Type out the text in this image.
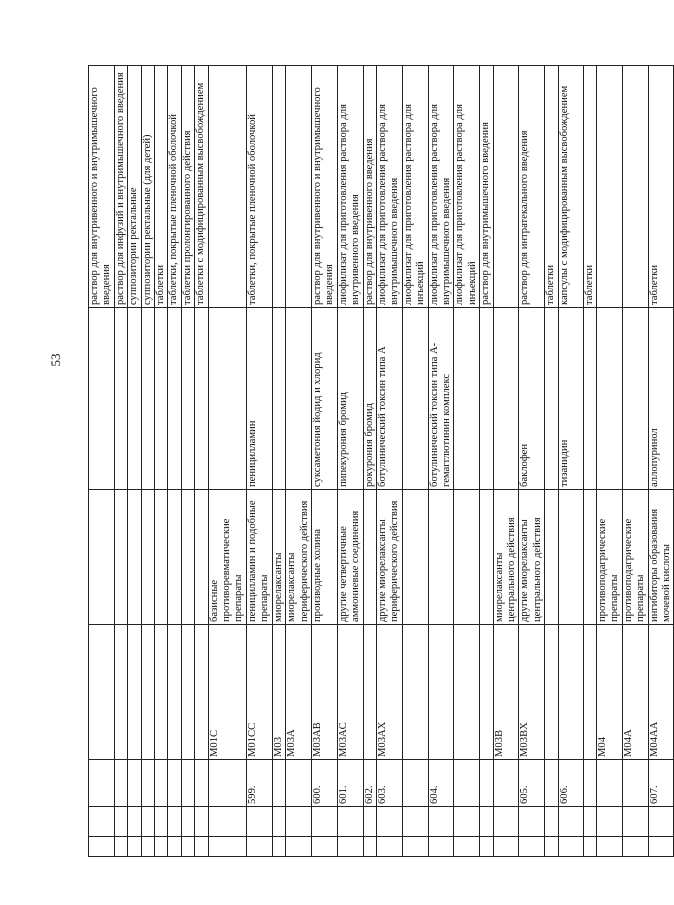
53
						раствор для внутривенного и внутримышечного введения
						раствор для инфузий и внутримышечного введения
						суппозитории ректальные
						суппозитории ректальные (для детей)
						таблетки
						таблетки, покрытые пленочной оболочкой
						таблетки пролонгированного действия
						таблетки с модифицированным высвобождением
			M01C	базисные противоревматические препараты		
		599.	M01CC	пеницилламин и подобные препараты	пеницилламин	таблетки, покрытые пленочной оболочкой
			M03	миорелаксанты		
			M03A	миорелаксанты периферического действия		
		600.	M03AB	производные холина	суксаметония йодид и хлорид	раствор для внутривенного и внутримышечного введения
		601.	M03AC	другие четвертичные аммониевые соединения	пипекурония бромид	лиофилизат для приготовления раствора для внутривенного введения
		602.			рокурония бромид	раствор для внутривенного введения
		603.	M03AX	другие миорелаксанты периферического действия	ботулинический токсин типа А	лиофилизат для приготовления раствора для внутримышечного введения
						лиофилизат для приготовления раствора для инъекций
		604.			ботулинический токсин типа A-гемагглютинин комплекс	лиофилизат для приготовления раствора для внутримышечного введения
						лиофилизат для приготовления раствора для инъекций
						раствор для внутримышечного введения
			M03B	миорелаксанты центрального действия		
		605.	M03BX	другие миорелаксанты центрального действия	баклофен	раствор для интратекального введения
						таблетки
		606.			тизанидин	капсулы с модифицированным высвобождением
						таблетки
			M04	противоподагрические препараты		
			M04A	противоподагрические препараты		
		607.	M04AA	ингибиторы образования мочевой кислоты	аллопуринол	таблетки
